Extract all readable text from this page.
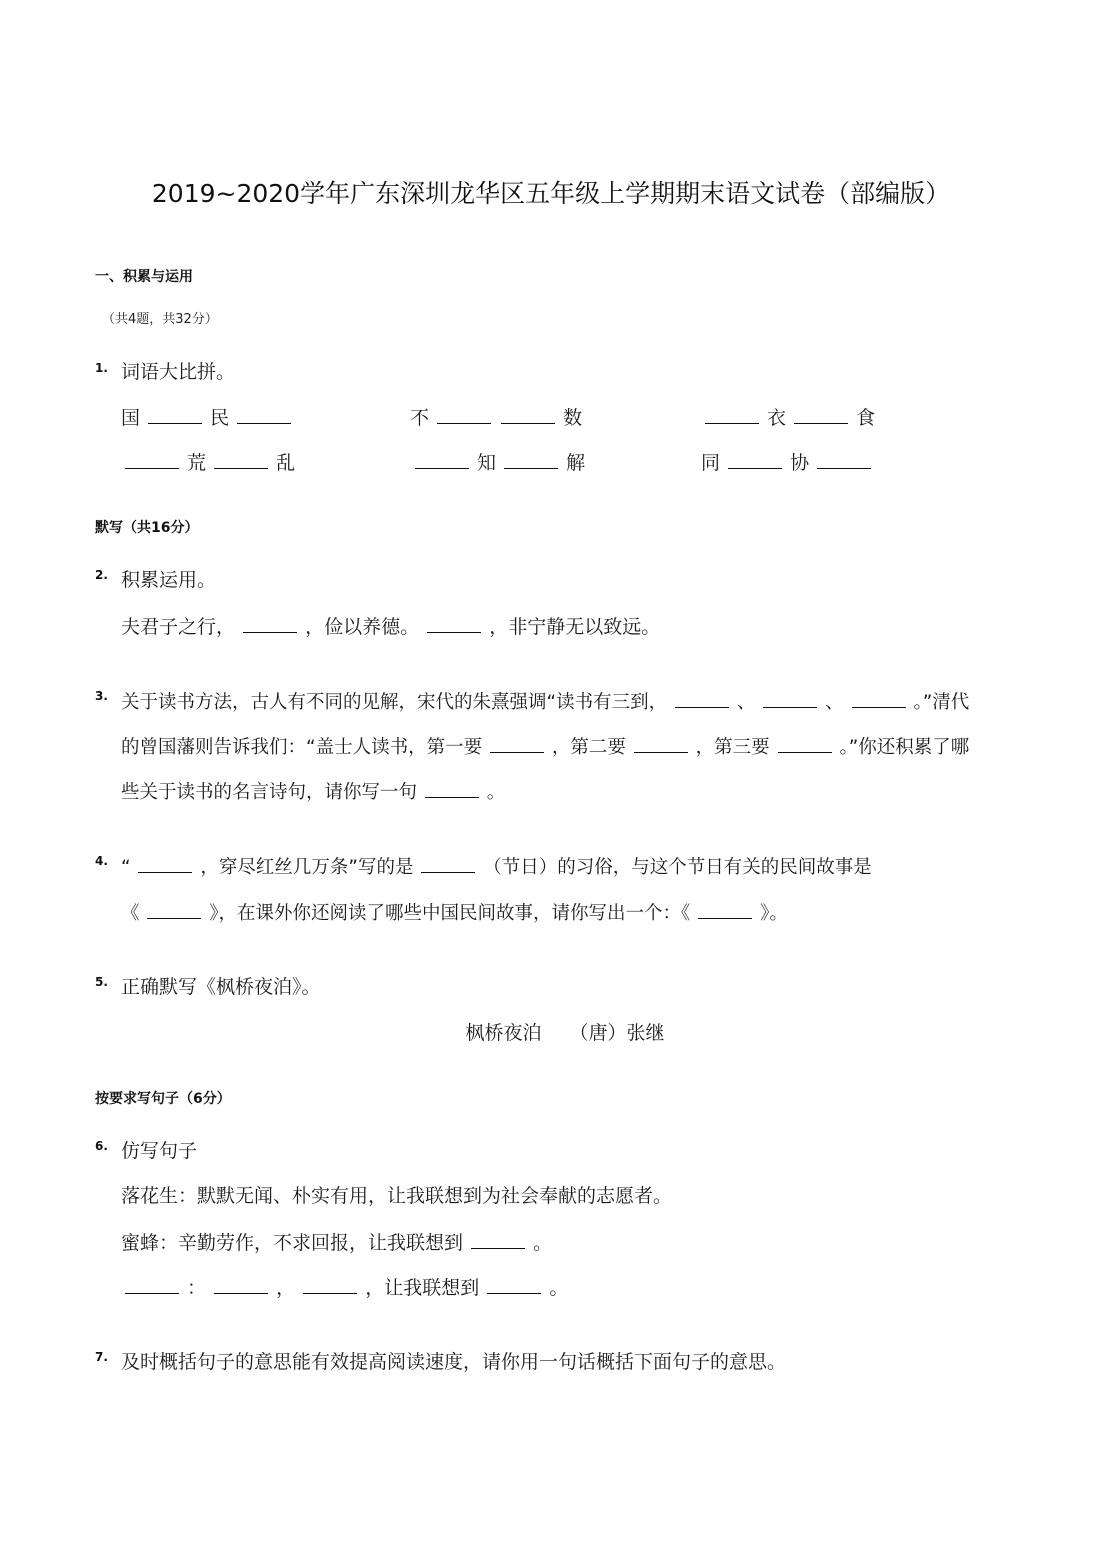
2019~2020学年广东深圳龙华区五年级上学期期末语文试卷（部编版）
一、积累与运用
（共4题，共32分）
1. 词语大比拼。
国	民	不	数	衣	食
荒	乱	知	解	同	协
默写（共16分）
2. 积累运用。
夫君子之行，	，俭以养德。	，非宁静无以致远。
3. 关于读书方法，古人有不同的见解，宋代的朱熹强调“读书有三到，	、	、	。”清代
的曾国藩则告诉我们：“盖士人读书，第一要	，第二要	，第三要	。”你还积累了哪
些关于读书的名言诗句，请你写一句	。
4. “	，穿尽红丝几万条”写的是	（节日）的习俗，与这个节日有关的民间故事是
《	》，在课外你还阅读了哪些中国民间故事，请你写出一个：《	》。
5. 正确默写《枫桥夜泊》。
枫桥夜泊 （唐）张继
按要求写句子（6分）
6. 仿写句子
落花生：默默无闻、朴实有用，让我联想到为社会奉献的志愿者。
蜜蜂：辛勤劳作，不求回报，让我联想到	。
：	，	，让我联想到	。
7. 及时概括句子的意思能有效提高阅读速度，请你用一句话概括下面句子的意思。
